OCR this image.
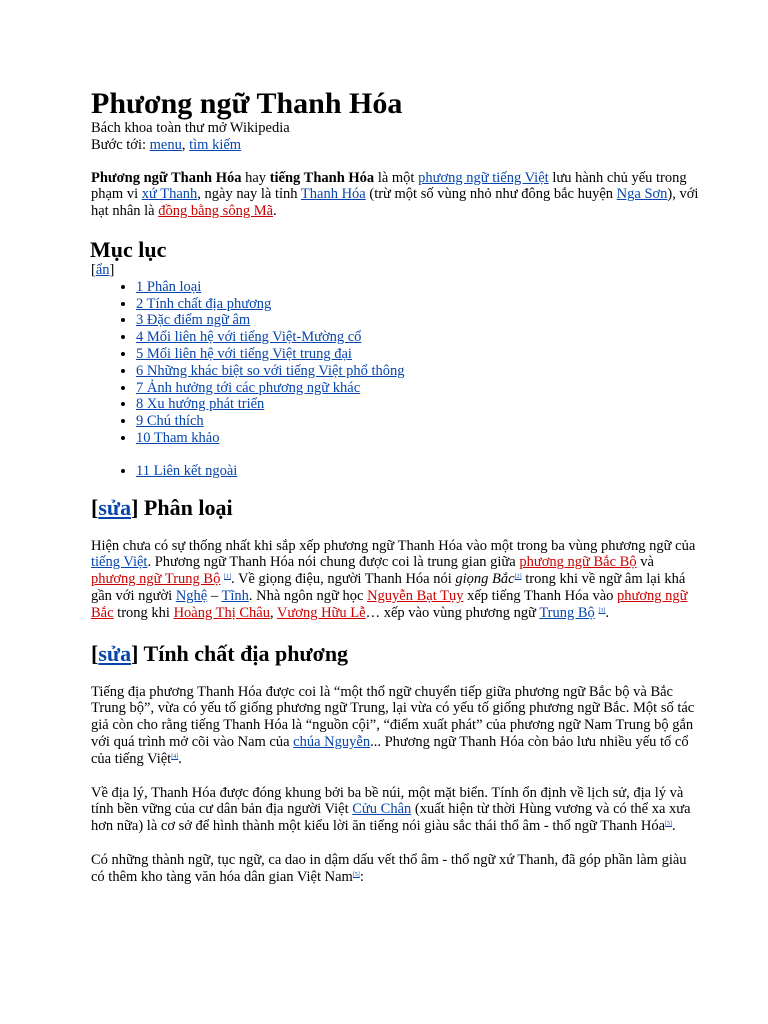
Phương ngữ Thanh Hóa

Bách khoa toàn thư mở Wikipedia

Bước tới: menu, tìm kiếm

Phương ngữ Thanh Hóa hay tiếng Thanh Hóa là một phương ngữ tiếng Việt lưu hành chủ yếu trong phạm vi xứ Thanh, ngày nay là tỉnh Thanh Hóa (trừ một số vùng nhỏ như đông bắc huyện Nga Sơn), với hạt nhân là đồng bằng sông Mã.

Mục lục

[ẩn]

• 1 Phân loại
• 2 Tính chất địa phương
• 3 Đặc điểm ngữ âm
• 4 Mối liên hệ với tiếng Việt-Mường cổ
• 5 Mối liên hệ với tiếng Việt trung đại
• 6 Những khác biệt so với tiếng Việt phổ thông
• 7 Ảnh hưởng tới các phương ngữ khác
• 8 Xu hướng phát triển
• 9 Chú thích
• 10 Tham khảo
• 11 Liên kết ngoài
[sửa] Phân loại

Hiện chưa có sự thống nhất khi sắp xếp phương ngữ Thanh Hóa vào một trong ba vùng phương ngữ của tiếng Việt. Phương ngữ Thanh Hóa nói chung được coi là trung gian giữa phương ngữ Bắc Bộ và phương ngữ Trung Bộ [1]. Về giọng điệu, người Thanh Hóa nói giọng Bắc[2] trong khi về ngữ âm lại khá gần với người Nghệ – Tĩnh. Nhà ngôn ngữ học Nguyễn Bạt Tụy xếp tiếng Thanh Hóa vào phương ngữ Bắc trong khi Hoàng Thị Châu, Vương Hữu Lễ… xếp vào vùng phương ngữ Trung Bộ [3].

[sửa] Tính chất địa phương

Tiếng địa phương Thanh Hóa được coi là “một thổ ngữ chuyển tiếp giữa phương ngữ Bắc bộ và Bắc Trung bộ”, vừa có yếu tố giống phương ngữ Trung, lại vừa có yếu tố giống phương ngữ Bắc. Một số tác giả còn cho rằng tiếng Thanh Hóa là “nguồn cội”, “điểm xuất phát” của phương ngữ Nam Trung bộ gắn với quá trình mở cõi vào Nam của chúa Nguyễn... Phương ngữ Thanh Hóa còn bảo lưu nhiều yếu tố cổ của tiếng Việt[4].

Về địa lý, Thanh Hóa được đóng khung bởi ba bề núi, một mặt biển. Tính ổn định về lịch sử, địa lý và tính bền vững của cư dân bản địa người Việt Cửu Chân (xuất hiện từ thời Hùng vương và có thể xa xưa hơn nữa) là cơ sở để hình thành một kiểu lời ăn tiếng nói giàu sắc thái thổ âm - thổ ngữ Thanh Hóa[5].

Có những thành ngữ, tục ngữ, ca dao in dậm dấu vết thổ âm - thổ ngữ xứ Thanh, đã góp phần làm giàu có thêm kho tàng văn hóa dân gian Việt Nam[5]:
